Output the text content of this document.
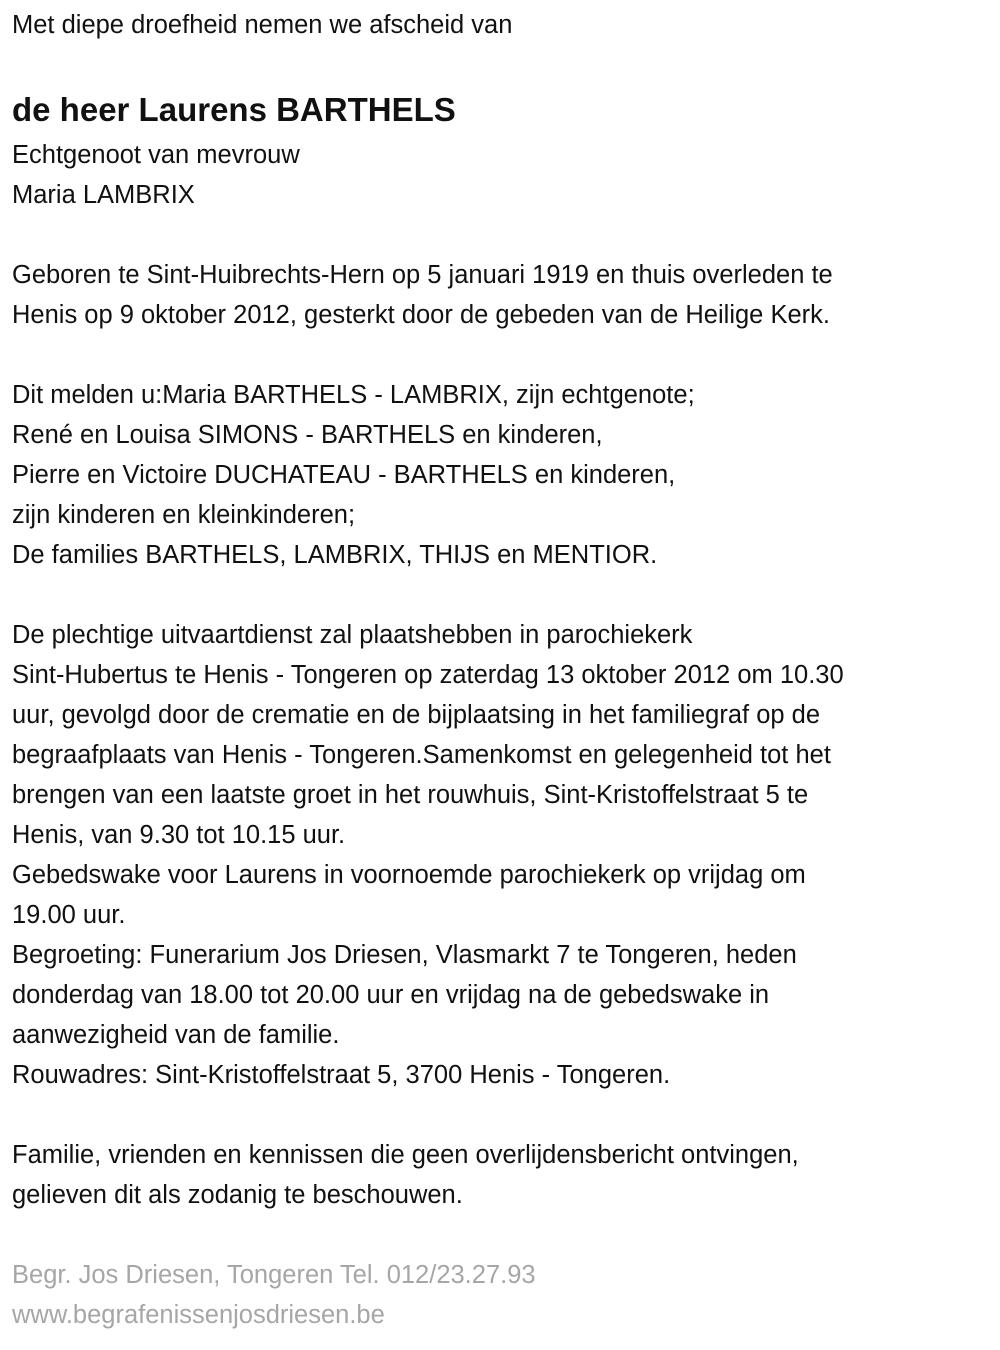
Met diepe droefheid nemen we afscheid van
de heer Laurens BARTHELS
Echtgenoot van mevrouw
Maria LAMBRIX
Geboren te Sint-Huibrechts-Hern op 5 januari 1919 en thuis overleden te
Henis op 9 oktober 2012, gesterkt door de gebeden van de Heilige Kerk.
Dit melden u:Maria BARTHELS - LAMBRIX, zijn echtgenote;
René en Louisa SIMONS - BARTHELS en kinderen,
Pierre en Victoire DUCHATEAU - BARTHELS en kinderen,
zijn kinderen en kleinkinderen;
De families BARTHELS, LAMBRIX, THIJS en MENTIOR.
De plechtige uitvaartdienst zal plaatshebben in parochiekerk
Sint-Hubertus te Henis - Tongeren op zaterdag 13 oktober 2012 om 10.30
uur, gevolgd door de crematie en de bijplaatsing in het familiegraf op de
begraafplaats van Henis - Tongeren.Samenkomst en gelegenheid tot het
brengen van een laatste groet in het rouwhuis, Sint-Kristoffelstraat 5 te
Henis, van 9.30 tot 10.15 uur.
Gebedswake voor Laurens in voornoemde parochiekerk op vrijdag om
19.00 uur.
Begroeting: Funerarium Jos Driesen, Vlasmarkt 7 te Tongeren, heden
donderdag van 18.00 tot 20.00 uur en vrijdag na de gebedswake in
aanwezigheid van de familie.
Rouwadres: Sint-Kristoffelstraat 5, 3700 Henis - Tongeren.
Familie, vrienden en kennissen die geen overlijdensbericht ontvingen,
gelieven dit als zodanig te beschouwen.
Begr. Jos Driesen, Tongeren Tel. 012/23.27.93
www.begrafenissenjosdriesen.be
